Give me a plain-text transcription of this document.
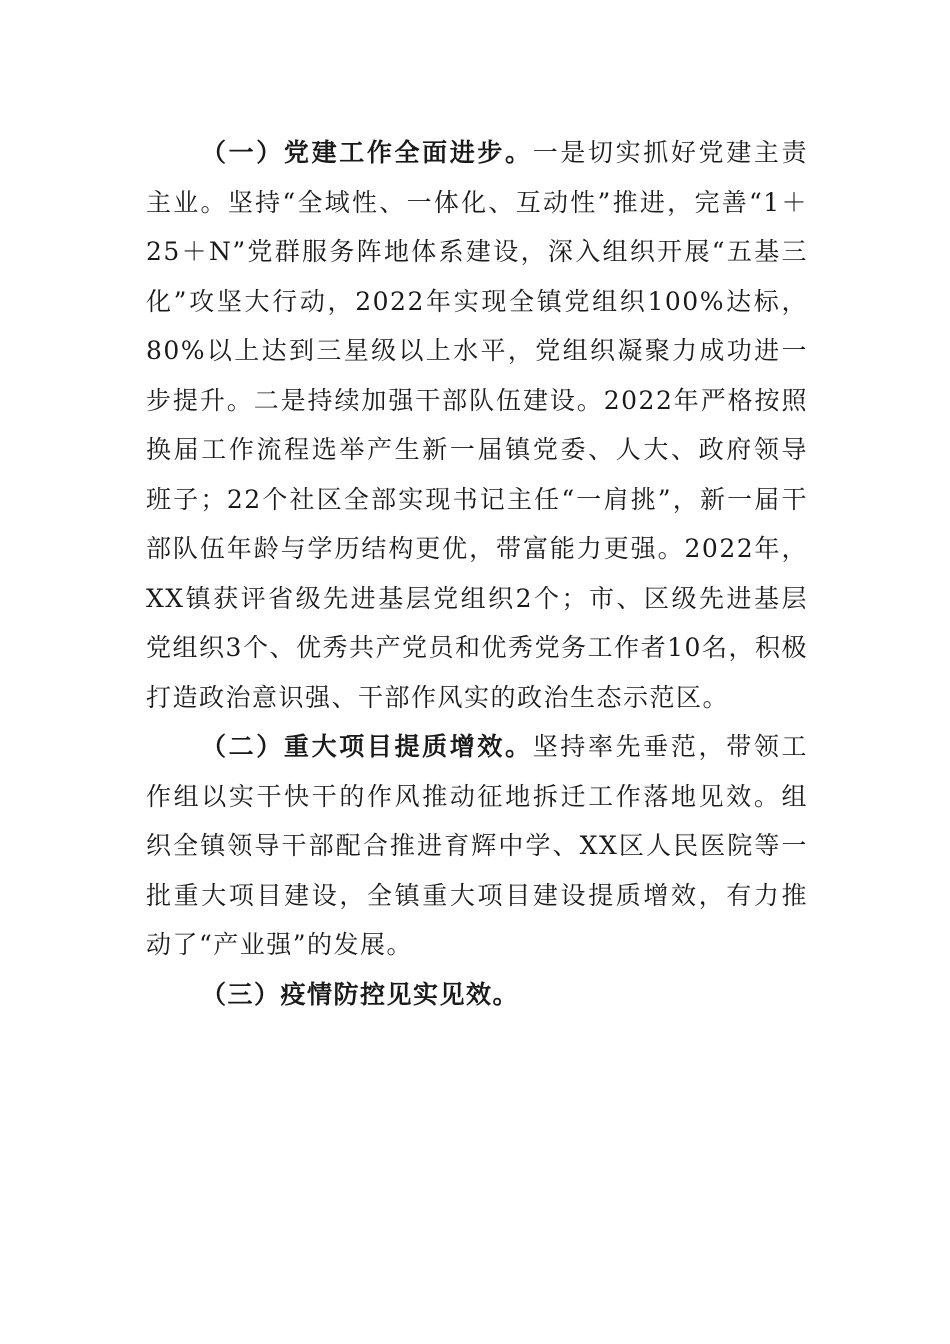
（一）党建工作全面进步。一是切实抓好党建主责主业。坚持“全域性、一体化、互动性”推进，完善“1＋25＋N”党群服务阵地体系建设，深入组织开展“五基三化”攻坚大行动，2022年实现全镇党组织100%达标，80%以上达到三星级以上水平，党组织凝聚力成功进一步提升。二是持续加强干部队伍建设。2022年严格按照换届工作流程选举产生新一届镇党委、人大、政府领导班子；22个社区全部实现书记主任“一肩挑”，新一届干部队伍年龄与学历结构更优，带富能力更强。2022年，XX镇获评省级先进基层党组织2个；市、区级先进基层党组织3个、优秀共产党员和优秀党务工作者10名，积极打造政治意识强、干部作风实的政治生态示范区。

（二）重大项目提质增效。坚持率先垂范，带领工作组以实干快干的作风推动征地拆迁工作落地见效。组织全镇领导干部配合推进育辉中学、XX区人民医院等一批重大项目建设，全镇重大项目建设提质增效，有力推动了“产业强”的发展。

（三）疫情防控见实见效。
